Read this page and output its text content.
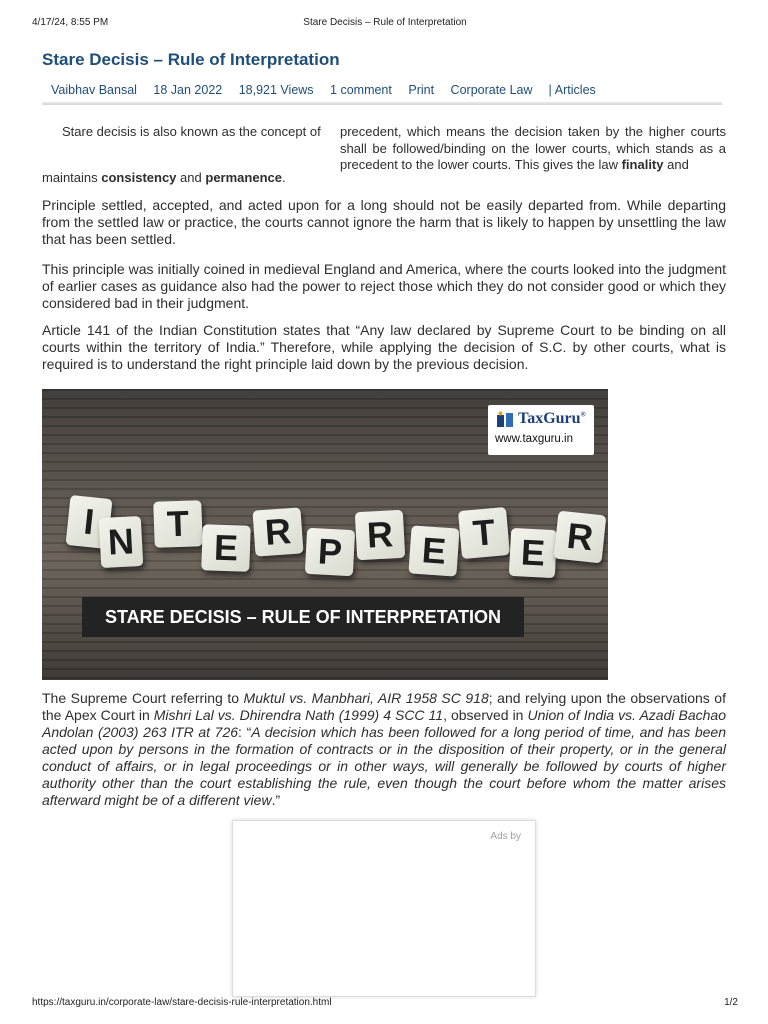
4/17/24, 8:55 PM	Stare Decisis – Rule of Interpretation
Stare Decisis – Rule of Interpretation
Vaibhav Bansal 18 Jan 2022 18,921 Views 1 comment Print Corporate Law | Articles
Stare decisis is also known as the concept of precedent, which means the decision taken by the higher courts shall be followed/binding on the lower courts, which stands as a precedent to the lower courts. This gives the law finality and

maintains consistency and permanence.

Principle settled, accepted, and acted upon for a long should not be easily departed from. While departing from the settled law or practice, the courts cannot ignore the harm that is likely to happen by unsettling the law that has been settled.

This principle was initially coined in medieval England and America, where the courts looked into the judgment of earlier cases as guidance also had the power to reject those which they do not consider good or which they considered bad in their judgment.

Article 141 of the Indian Constitution states that “Any law declared by Supreme Court to be binding on all courts within the territory of India.” Therefore, while applying the decision of S.C. by other courts, what is required is to understand the right principle laid down by the previous decision.

TaxGuru®
www.taxguru.in
I N T
E R P R E T E R
STARE DECISIS – RULE OF INTERPRETATION

The Supreme Court referring to Muktul vs. Manbhari, AIR 1958 SC 918; and relying upon the observations of the Apex Court in Mishri Lal vs. Dhirendra Nath (1999) 4 SCC 11, observed in Union of India vs. Azadi Bachao Andolan (2003) 263 ITR at 726: “A decision which has been followed for a long period of time, and has been acted upon by persons in the formation of contracts or in the disposition of their property, or in the general conduct of affairs, or in legal proceedings or in other ways, will generally be followed by courts of higher authority other than the court establishing the rule, even though the court before whom the matter arises afterward might be of a different view.”

Ads by
https://taxguru.in/corporate-law/stare-decisis-rule-interpretation.html	1/2
